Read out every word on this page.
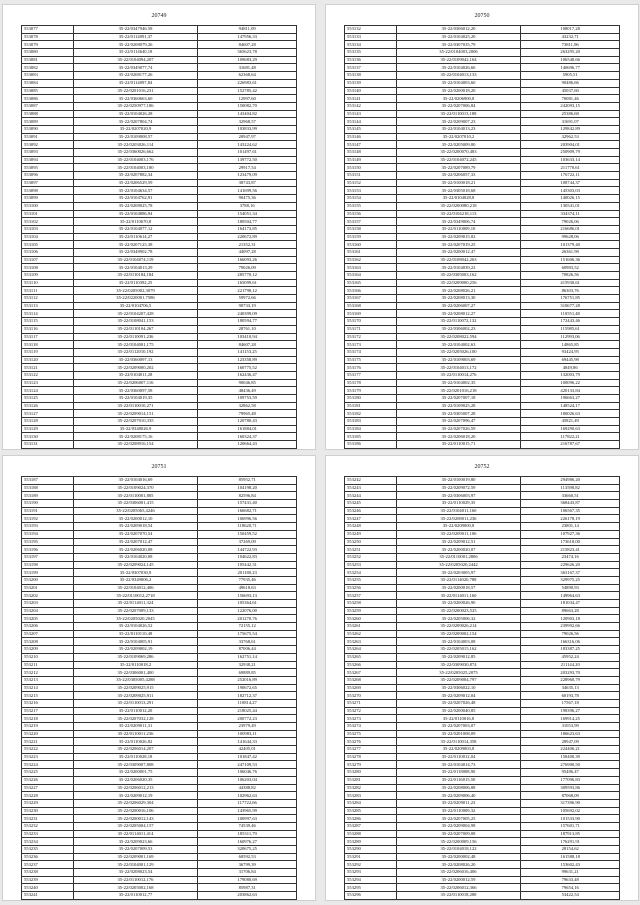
20749
553077	35-22/0347946.58	94811,09
553078	35-22/0114091,37	147956,33
553079	35-22/0208079,26	84607,28
553080	35-22/0114640,18	365623,78
553081	35-22/0104094,207	109683,29
553082	35-22/0349077,74	31681,48
553083	35-22/0208177,26	62368,64
553084	35-22/0114097,84	226983,61
553085	35-22/0201016,231	152785,42
553086	35-22/0360663,60	12997,60
553087	35-22/0250977,186	150082,70
553088	35-22/0104026,28	143404,82
553089	35-22/0207804,74	32968,57
553090	35-22/0207020,9	103833,99
553091	35-22/0109008,57	20947,97
553092	35-22/0203026,114	143224,62
553093	35-22/0360026,662	101497,61
553094	35-22/0104003,176	139772,50
553095	35-22/0104003,180	29917,54
553096	35-22/0207882,34	123479,09
553097	35-22/0206529,59	38743,87
553098	35-22/0104634,57	141699,56
553099	35-22/0104762,91	90475,36
553100	35-22/0208025,78	3788,16
553101	35-22/0104886,94	154051,34
553102	35-22/0110670,8	180504,77
553103	35-22/0104077,12	164173,85
553104	35-22/0110614,27	220672,89
553105	35-22/0207125,38	21352,31
553106	35-22/0348902,78	44097,28
553107	35-22/0104074,119	166093,26
553108	35-22/0104013,29	79026,09
553109	35-22/0110184,184	285770,12
553110	35-22/0110392,25	165099,61
553111	35-22/0205002,3079	221798,12
553112	35-22/0220001,7586	59972,66
553113	35-22/0104706,5	90733,19
553114	35-22/0104207,428	240399,09
553115	35-22/0108041,153	180594,77
553116	35-22/0110104,267	28761,10
553117	35-22/0110091,236	103410,94
553118	35-22/0104001,175	84607,28
553119	35-22/0112010,192	141153,25
553120	35-22/0360097,13	123358,89
553121	35-22/0209000,202	160775,52
553122	35-22/0104011,28	162436,47
553123	35-22/0206007,116	90046,85
553124	35-22/0360097,58	48436,49
553125	35-22/0104019,35	109753,59
553126	35-22/0110010,271	32862,58
553127	35-22/0209014,151	79965,48
553128	35-22/0207010,335	120780,43
553129	35-22/0348026,9	161884,01
553130	35-22/0208175,16	160324,37
553131	35-22/0208916,154	120664,43
20750
553132	35-22/0306012,20	108017,28
553133	35-22/0104025,20	43232,71
553134	35-22/0307035,79	73811,96
553135	35-22/0104003,2006	263295,20
553136	35-22/0109042,164	106548,66
553137	35-22/0104026,66	140696,77
553138	35-22/0104013,133	5905,51
553139	35-22/0104003,60	90486,66
553140	35-22/0200018,20	45037,60
553141	35-22/0206900,8	70081,46
553142	35-22/0207006,84	242093,15
553143	35-22/0110013,188	25386,68
553144	35-22/0209007,23	31691,07
553145	35-22/0104013,23	129842,89
553146	35-22/0207010,2	32962,53
553147	35-22/0205009,80	203904,01
553148	35-22/0200070,483	250909,79
553149	35-22/0104072,245	103633,14
553150	35-22/0207089,79	211770,61
553151	35-22/0206057,33	176722,11
553152	35-22/0100018,21	108744,37
553153	35-22/0305018,68	145303,03
553154	35-22/0104028,8	140026,15
553155	35-22/0200080,218	130541,01
553156	35-22/0104218,113	334374,11
553157	35-22/0349006,74	79026,06
553158	35-22/0110009,10	216686,01
553159	35-22/0209015,82	99628,06
553160	35-22/0207019,25	101379,40
553161	35-22/0200012,47	26361,98
553162	35-22/0108042,263	151606,36
553163	35-22/0104039,22	60983,52
553164	35-22/0305003,162	70826,56
553165	35-22/0209000,256	415930,61
553166	35-22/0208026,21	86303,76
553167	35-22/0208013,30	176751,85
553168	35-22/0206007,27	310677,28
553169	35-22/0208012,27	110551,48
553170	35-22/0110072,132	172443,46
553171	35-22/0306002,23	115985,61
553172	35-22/0208022,594	112993,06
553173	35-22/0104002,63	14865,85
553174	35-22/0205026,100	93424,95
553175	35-22/0109003,69	69445,98
553176	35-22/0104013,172	4849,86
553177	35-22/0110014,276	132003,79
553178	35-22/0104002,35	100096,22
553179	35-22/0201016,218	420133,84
553180	35-22/0207007,18	196663,27
553181	35-22/0109025,28	148524,17
553182	35-22/0305007,28	180026,63
553183	35-22/0207096,47	45821,49
553184	35-22/0207026,59	169290,63
553185	35-22/0206018,20	117822,21
553186	35-22/0110015,71	216787,67
20751
553187	35-22/0104016,69	85952,71
553188	35-22/0109024,370	104198,20
553189	35-22/0110001,805	82596,84
553190	35-22/0306001,415	157431,40
553191	35-22/0205065,4246	166682,71
553192	35-22/0200012,10	106996,56
553193	35-22/0209018,54	118620,71
553194	35-22/0207070,54	150459,52
553195	35-22/0207012,47	37269,09
553196	35-22/0206020,08	144722,93
553197	35-22/0104020,08	104622,83
553198	35-22/0209024,145	105442,31
553199	35-22/0307030,9	201180,23
553200	35-22/0349006,2	77935,46
553201	35-22/0104012,406	49618,63
553202	35-22/0110012,2718	156693,13
553203	35-22/0114011,324	105364,61
553204	35-22/0207009,133	122076,00
553205	35-22/0205020,2045	201270,76
553206	35-22/0104026,52	72155,12
553207	35-22/0110110,48	175675,54
553208	35-22/0104005,91	33768,61
553209	35-22/0209002,19	87006,44
553210	35-22/0109069,286	162751,14
553211	35-22/0110018,2	32938,21
553212	35-22/0306001,400	69889,85
553213	35-22/0305005,4288	252016,89
553214	35-22/0209025,915	190672,65
553215	35-22/0209025,911	182712,37
553216	35-22/0110013,291	110814,27
553217	35-22/0110012,20	218025,44
553218	35-22/0207032,128	200772,23
553219	35-22/0209011,31	23979,49
553220	35-22/0110011,236	100983,11
553221	35-22/0110026,82	141644,33
553222	35-22/0206014,207	42405,01
553223	35-22/0110028,18	101847,42
553224	35-22/0309007,808	247109,53
553225	35-22/0200001,75	106046,76
553226	35-22/0206020,35	106203,04
553227	35-22/0206012,213	44388,82
553228	35-22/0209012,19	102962,63
553229	35-22/0206029,304	117722,66
553230	35-22/0200016,106	143965,99
553231	35-22/0200012,143	100997,63
553232	35-22/0205004,157	74539,46
553233	35-22/0114011,414	185311,79
553234	35-22/0209023,66	160976,27
553235	35-22/0207009,53	320675,25
553236	35-22/0209001,169	60592,53
553237	35-22/0104001,129	36799,39
553238	35-22/0208023,54	31706,84
553239	35-22/0110012,176	179080,69
553240	35-22/0205002,168	85987,31
553241	35-22/0110012,77	203862,63
20752
553242	35-22/0100019,80	294986,20
553243	35-22/0209072,59	113598,82
553244	35-22/0306003,97	33660,51
553245	35-22/0110029,35	368443,87
553246	35-22/0104011,160	106567,35
553247	35-22/0208011,236	226178,19
553248	35-22/0209000,8	23801,14
553249	35-22/0209011,106	107927,36
553250	35-22/0209012,51	173618,00
553251	35-22/0200020,07	215823,41
553252	35-22/0110001,2806	23474,16
553253	35-22/0205020,2442	229626,20
553254	35-22/0203005,97	363167,37
553255	35-22/0114020,788	329975,25
553256	35-22/0200018,57	54890,93
553257	35-22/0114011,160	149964,63
553258	35-22/0200026,90	181034,47
553259	35-22/0200023,525	89663,28
553260	35-22/0205006,32	120903,18
553261	35-22/0209026,214	239992,66
553262	35-22/0209002,154	79026,56
553263	35-22/0104003,08	166316,06
553264	35-22/0205015,162	183387,25
553265	35-22/0209012,85	45952,24
553266	35-22/0309030,874	211144,20
553267	35-22/0205025,2075	203293,70
553268	35-22/0209004,797	228960,79
553269	35-22/0306022,10	34635,13
553270	35-22/0209012,04	60193,78
553271	35-22/0207026,48	17567,18
553272	35-22/0200040,85	198396,27
553273	35-22/0110016,8	169914,25
553274	35-22/0207003,07	31053,99
553275	35-22/0201008,09	186623,63
553276	35-22/0110014,358	28947,09
553277	35-22/0209003,8	224406,21
553278	35-22/0110012,04	158400,39
553279	35-22/0104014,73	276900,50
553280	35-22/0118008,90	95486,47
553281	35-22/0116015,50	177096,83
553282	35-22/0208006,88	309593,86
553283	35-22/0209006,40	87068,09
553284	35-22/0209011,23	317396,90
553285	35-22/0110009,32	105692,02
553286	35-22/0207005,25	101533,90
553287	35-22/0209004,98	157601,71
553288	35-22/0207009,08	187913,85
553289	35-22/0200009,156	176291,91
553290	35-22/0104018,122	28154,62
553291	35-22/0200002,48	161588,18
553292	35-22/0208026,20	153602,43
553293	35-22/0206016,406	99631,21
553294	35-22/0200012,59	79633,48
553295	35-22/0206012,366	79654,16
553296	35-22/0110018,288	53422,54
